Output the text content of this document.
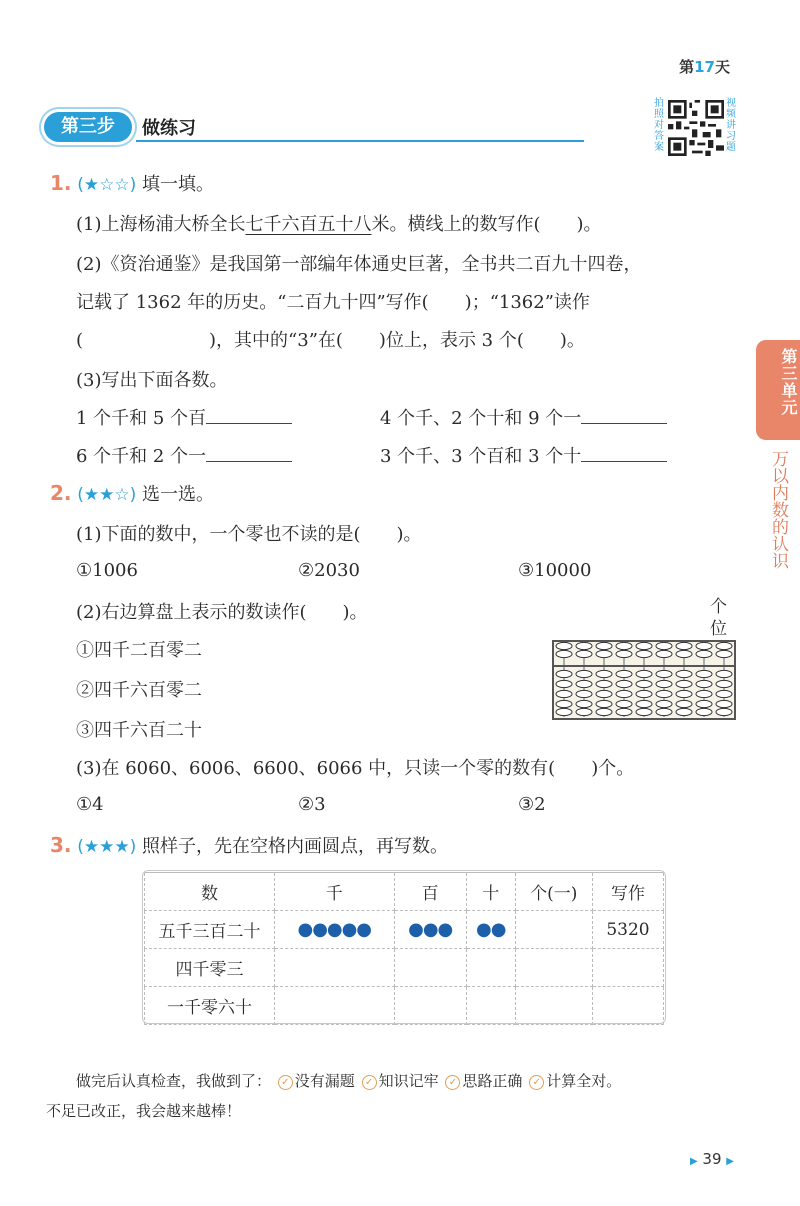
第17天
第三步	做练习
拍照对答案
视频讲习题
第三单元
万以内数的认识
1. (★☆☆) 填一填。
(1)上海杨浦大桥全长七千六百五十八米。横线上的数写作(　　)。
(2)《资治通鉴》是我国第一部编年体通史巨著，全书共二百九十四卷，
记载了 1362 年的历史。“二百九十四”写作(　　)；“1362”读作
(　　　　　　　)，其中的“3”在(　　)位上，表示 3 个(　　)。
(3)写出下面各数。
1 个千和 5 个百	4 个千、2 个十和 9 个一
6 个千和 2 个一	3 个千、3 个百和 3 个十
2. (★★☆) 选一选。
(1)下面的数中，一个零也不读的是(　　)。
①1006	②2030	③10000
(2)右边算盘上表示的数读作(　　)。
①四千二百零二
②四千六百零二
③四千六百二十
个位
(3)在 6060、6006、6600、6066 中，只读一个零的数有(　　)个。
①4	②3	③2
3. (★★★) 照样子，先在空格内画圆点，再写数。
数	千	百	十	个(一)	写作
五千三百二十	●●●●●	●●●	●●		5320
四千零三					
一千零六十					
做完后认真检查，我做到了： ✓ 没有漏题 ✓ 知识记牢 ✓ 思路正确 ✓ 计算全对。
不足已改正，我会越来越棒！
▶ 39 ▶
